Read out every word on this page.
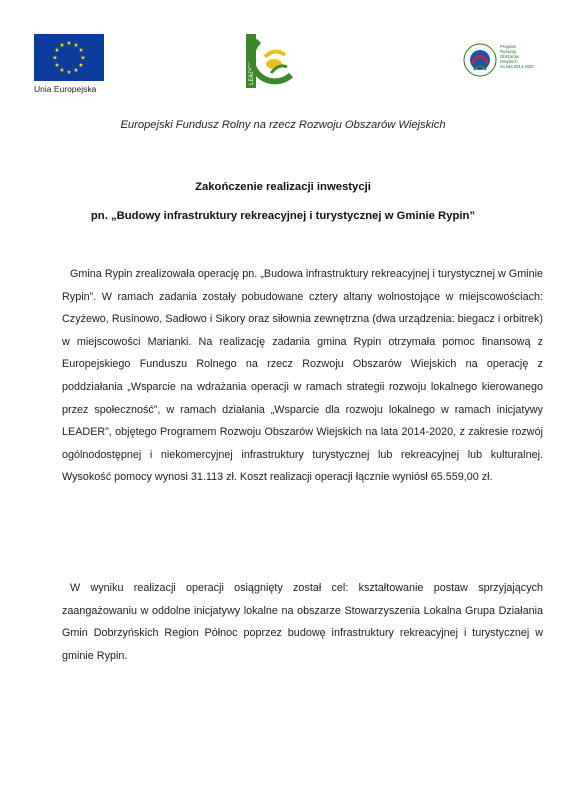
★ ★
★
★
★
★
★
★
★
★
★
★
Unia Europejska
LEADER
★
★ ★
★ Program
Rozwoju
Obszarów
Wiejskich
na lata 2014-2020
Europejski Fundusz Rolny na rzecz Rozwoju Obszarów Wiejskich
Zakończenie realizacji inwestycji
pn. „Budowy infrastruktury rekreacyjnej i turystycznej w Gminie Rypin”

Gmina Rypin zrealizowała operację pn. „Budowa infrastruktury rekreacyjnej i turystycznej w Gminie Rypin”. W ramach zadania zostały pobudowane cztery altany wolnostojące w miejscowościach: Czyżewo, Rusinowo, Sadłowo i Sikory oraz siłownia zewnętrzna (dwa urządzenia: biegacz i orbitrek) w miejscowości Marianki. Na realizację zadania gmina Rypin otrzymała pomoc finansową z Europejskiego Funduszu Rolnego na rzecz Rozwoju Obszarów Wiejskich na operację z poddziałania „Wsparcie na wdrażania operacji w ramach strategii rozwoju lokalnego kierowanego przez społeczność”, w ramach działania „Wsparcie dla rozwoju lokalnego w ramach inicjatywy LEADER”, objętego Programem Rozwoju Obszarów Wiejskich na lata 2014-2020, z zakresie rozwój ogólnodostępnej i niekomercyjnej infrastruktury turystycznej lub rekreacyjnej lub kulturalnej. Wysokość pomocy wynosi 31.113 zł. Koszt realizacji operacji łącznie wyniósł 65.559,00 zł.

W wyniku realizacji operacji osiągnięty został cel: kształtowanie postaw sprzyjających zaangażowaniu w oddolne inicjatywy lokalne na obszarze Stowarzyszenia Lokalna Grupa Działania Gmin Dobrzyńskich Region Północ poprzez budowę infrastruktury rekreacyjnej i turystycznej w gminie Rypin.
